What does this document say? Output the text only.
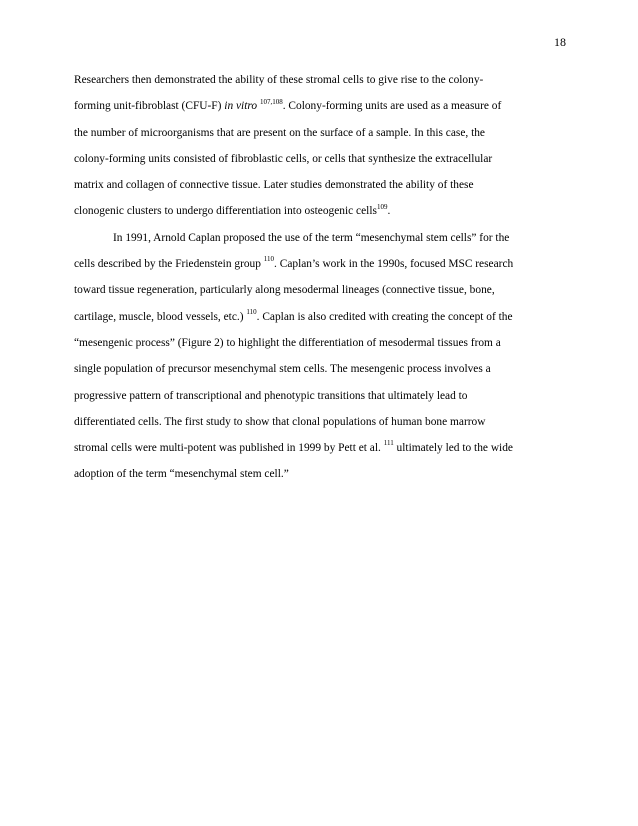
18
Researchers then demonstrated the ability of these stromal cells to give rise to the colony-
forming unit-fibroblast (CFU-F) in vitro $^{107,108}$. Colony-forming units are used as a measure of
the number of microorganisms that are present on the surface of a sample. In this case, the
colony-forming units consisted of fibroblastic cells, or cells that synthesize the extracellular
matrix and collagen of connective tissue. Later studies demonstrated the ability of these
clonogenic clusters to undergo differentiation into osteogenic cells$^{109}$.
In 1991, Arnold Caplan proposed the use of the term “mesenchymal stem cells” for the
cells described by the Friedenstein group $^{110}$. Caplan’s work in the 1990s, focused MSC research
toward tissue regeneration, particularly along mesodermal lineages (connective tissue, bone,
cartilage, muscle, blood vessels, etc.) $^{110}$. Caplan is also credited with creating the concept of the
“mesengenic process” (Figure 2) to highlight the differentiation of mesodermal tissues from a
single population of precursor mesenchymal stem cells. The mesengenic process involves a
progressive pattern of transcriptional and phenotypic transitions that ultimately lead to
differentiated cells. The first study to show that clonal populations of human bone marrow
stromal cells were multi-potent was published in 1999 by Pett et al. $^{111}$ ultimately led to the wide
adoption of the term “mesenchymal stem cell.”
